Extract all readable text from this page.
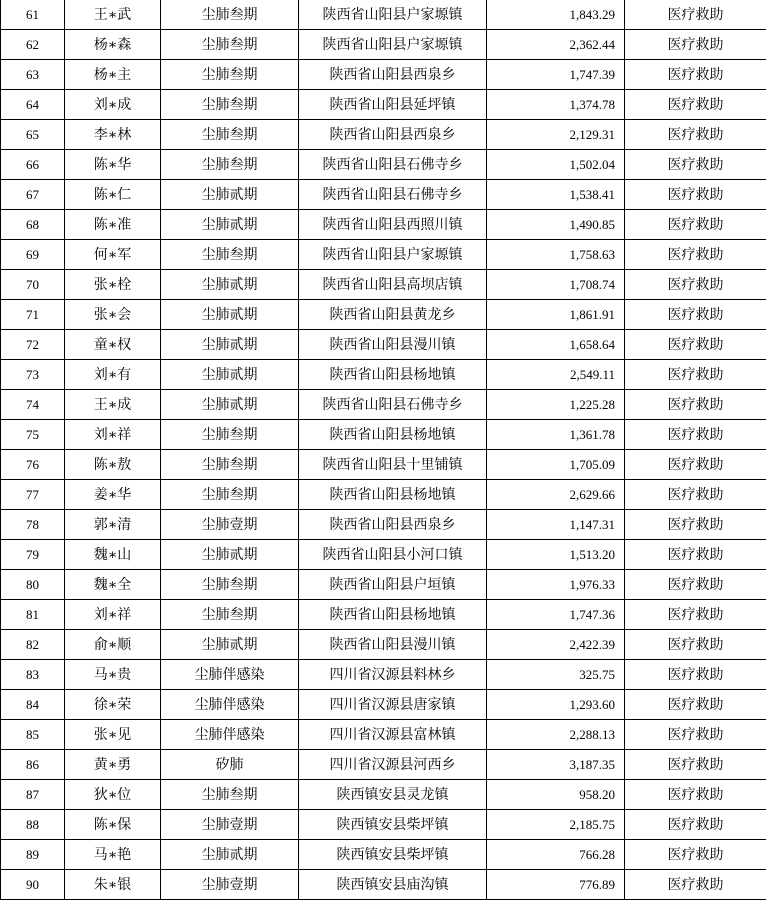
61	王∗武	尘肺叁期	陕西省山阳县户家塬镇	1,843.29	医疗救助
62	杨∗森	尘肺叁期	陕西省山阳县户家塬镇	2,362.44	医疗救助
63	杨∗主	尘肺叁期	陕西省山阳县西泉乡	1,747.39	医疗救助
64	刘∗成	尘肺叁期	陕西省山阳县延坪镇	1,374.78	医疗救助
65	李∗林	尘肺叁期	陕西省山阳县西泉乡	2,129.31	医疗救助
66	陈∗华	尘肺叁期	陕西省山阳县石佛寺乡	1,502.04	医疗救助
67	陈∗仁	尘肺贰期	陕西省山阳县石佛寺乡	1,538.41	医疗救助
68	陈∗准	尘肺贰期	陕西省山阳县西照川镇	1,490.85	医疗救助
69	何∗军	尘肺叁期	陕西省山阳县户家塬镇	1,758.63	医疗救助
70	张∗栓	尘肺贰期	陕西省山阳县高坝店镇	1,708.74	医疗救助
71	张∗会	尘肺贰期	陕西省山阳县黄龙乡	1,861.91	医疗救助
72	童∗权	尘肺贰期	陕西省山阳县漫川镇	1,658.64	医疗救助
73	刘∗有	尘肺贰期	陕西省山阳县杨地镇	2,549.11	医疗救助
74	王∗成	尘肺贰期	陕西省山阳县石佛寺乡	1,225.28	医疗救助
75	刘∗祥	尘肺叁期	陕西省山阳县杨地镇	1,361.78	医疗救助
76	陈∗敖	尘肺叁期	陕西省山阳县十里铺镇	1,705.09	医疗救助
77	姜∗华	尘肺叁期	陕西省山阳县杨地镇	2,629.66	医疗救助
78	郭∗清	尘肺壹期	陕西省山阳县西泉乡	1,147.31	医疗救助
79	魏∗山	尘肺贰期	陕西省山阳县小河口镇	1,513.20	医疗救助
80	魏∗全	尘肺叁期	陕西省山阳县户垣镇	1,976.33	医疗救助
81	刘∗祥	尘肺叁期	陕西省山阳县杨地镇	1,747.36	医疗救助
82	俞∗顺	尘肺贰期	陕西省山阳县漫川镇	2,422.39	医疗救助
83	马∗贵	尘肺伴感染	四川省汉源县料林乡	325.75	医疗救助
84	徐∗荣	尘肺伴感染	四川省汉源县唐家镇	1,293.60	医疗救助
85	张∗见	尘肺伴感染	四川省汉源县富林镇	2,288.13	医疗救助
86	黄∗勇	矽肺	四川省汉源县河西乡	3,187.35	医疗救助
87	狄∗位	尘肺叁期	陕西镇安县灵龙镇	958.20	医疗救助
88	陈∗保	尘肺壹期	陕西镇安县柴坪镇	2,185.75	医疗救助
89	马∗艳	尘肺贰期	陕西镇安县柴坪镇	766.28	医疗救助
90	朱∗银	尘肺壹期	陕西镇安县庙沟镇	776.89	医疗救助
